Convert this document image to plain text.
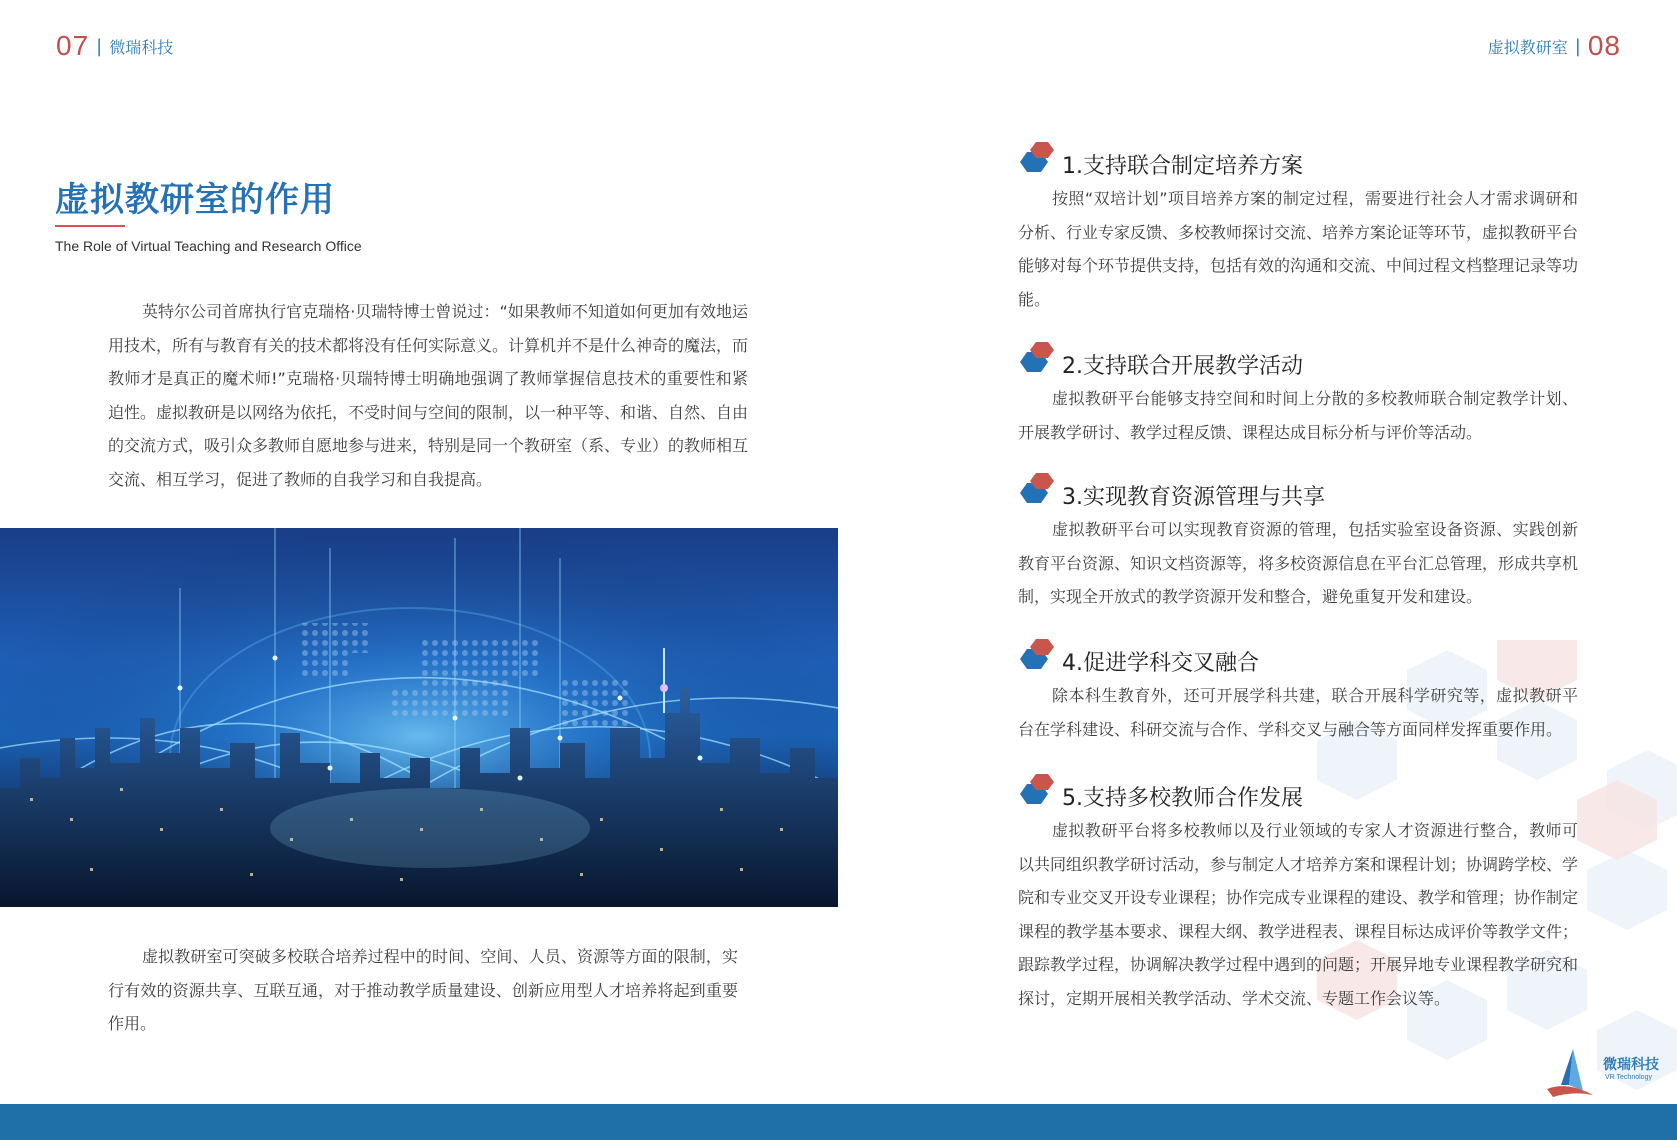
07 | 微瑞科技	虚拟教研室 | 08
虚拟教研室的作用
The Role of Virtual Teaching and Research Office

英特尔公司首席执行官克瑞格·贝瑞特博士曾说过：“如果教师不知道如何更加有效地运用技术，所有与教育有关的技术都将没有任何实际意义。计算机并不是什么神奇的魔法，而教师才是真正的魔术师!”克瑞格·贝瑞特博士明确地强调了教师掌握信息技术的重要性和紧迫性。虚拟教研是以网络为依托，不受时间与空间的限制，以一种平等、和谐、自然、自由的交流方式，吸引众多教师自愿地参与进来，特别是同一个教研室（系、专业）的教师相互交流、相互学习，促进了教师的自我学习和自我提高。

虚拟教研室可突破多校联合培养过程中的时间、空间、人员、资源等方面的限制，实行有效的资源共享、互联互通，对于推动教学质量建设、创新应用型人才培养将起到重要作用。

1.支持联合制定培养方案

按照“双培计划”项目培养方案的制定过程，需要进行社会人才需求调研和分析、行业专家反馈、多校教师探讨交流、培养方案论证等环节，虚拟教研平台能够对每个环节提供支持，包括有效的沟通和交流、中间过程文档整理记录等功能。

2.支持联合开展教学活动

虚拟教研平台能够支持空间和时间上分散的多校教师联合制定教学计划、开展教学研讨、教学过程反馈、课程达成目标分析与评价等活动。

3.实现教育资源管理与共享

虚拟教研平台可以实现教育资源的管理，包括实验室设备资源、实践创新教育平台资源、知识文档资源等，将多校资源信息在平台汇总管理，形成共享机制，实现全开放式的教学资源开发和整合，避免重复开发和建设。

4.促进学科交叉融合

除本科生教育外，还可开展学科共建，联合开展科学研究等，虚拟教研平台在学科建设、科研交流与合作、学科交叉与融合等方面同样发挥重要作用。

5.支持多校教师合作发展

虚拟教研平台将多校教师以及行业领域的专家人才资源进行整合，教师可以共同组织教学研讨活动，参与制定人才培养方案和课程计划；协调跨学校、学院和专业交叉开设专业课程；协作完成专业课程的建设、教学和管理；协作制定课程的教学基本要求、课程大纲、教学进程表、课程目标达成评价等教学文件；跟踪教学过程，协调解决教学过程中遇到的问题；开展异地专业课程教学研究和探讨，定期开展相关教学活动、学术交流、专题工作会议等。

微瑞科技
VR Technology
